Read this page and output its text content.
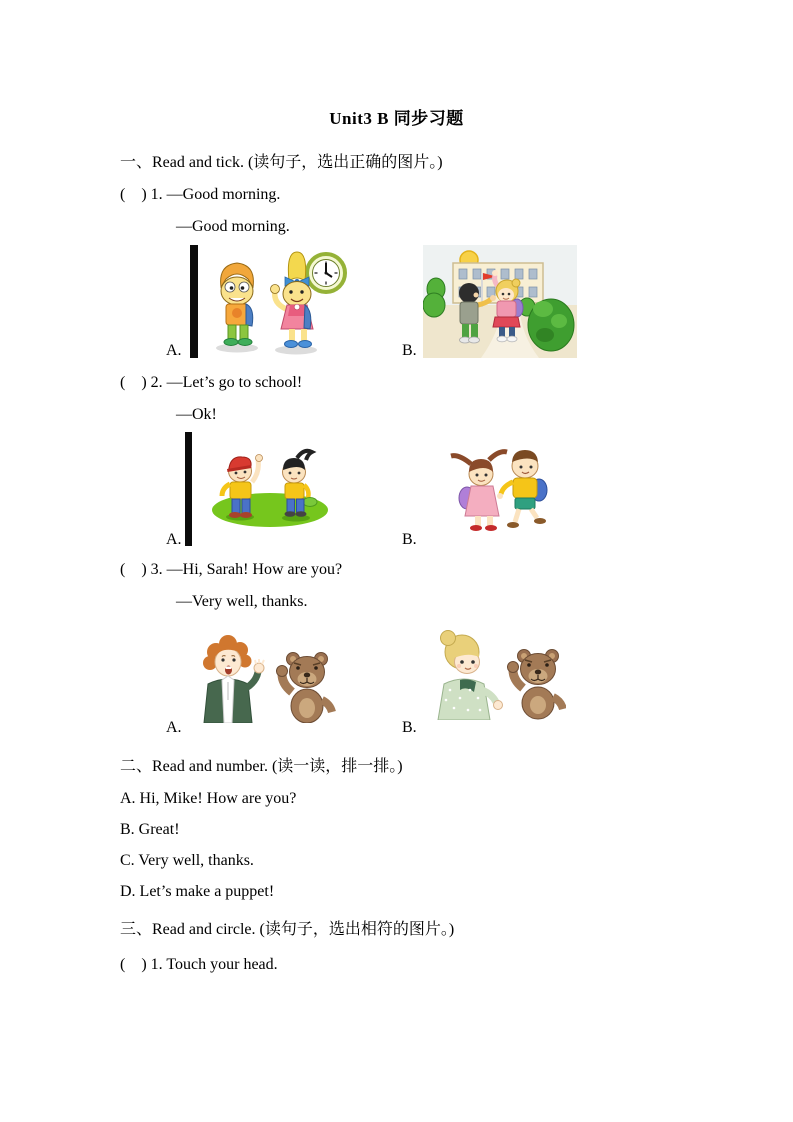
Unit3 B 同步习题
一、Read and tick. (读句子，选出正确的图片。)
(    ) 1. —Good morning.
—Good morning.
A.	B.
(    ) 2. —Let’s go to school!
—Ok!
A.	B.
(    ) 3. —Hi, Sarah! How are you?
—Very well, thanks.
A.	B.
二、Read and number. (读一读，排一排。)
A. Hi, Mike! How are you?
B. Great!
C. Very well, thanks.
D. Let’s make a puppet!
三、Read and circle. (读句子，选出相符的图片。)
(    ) 1. Touch your head.
